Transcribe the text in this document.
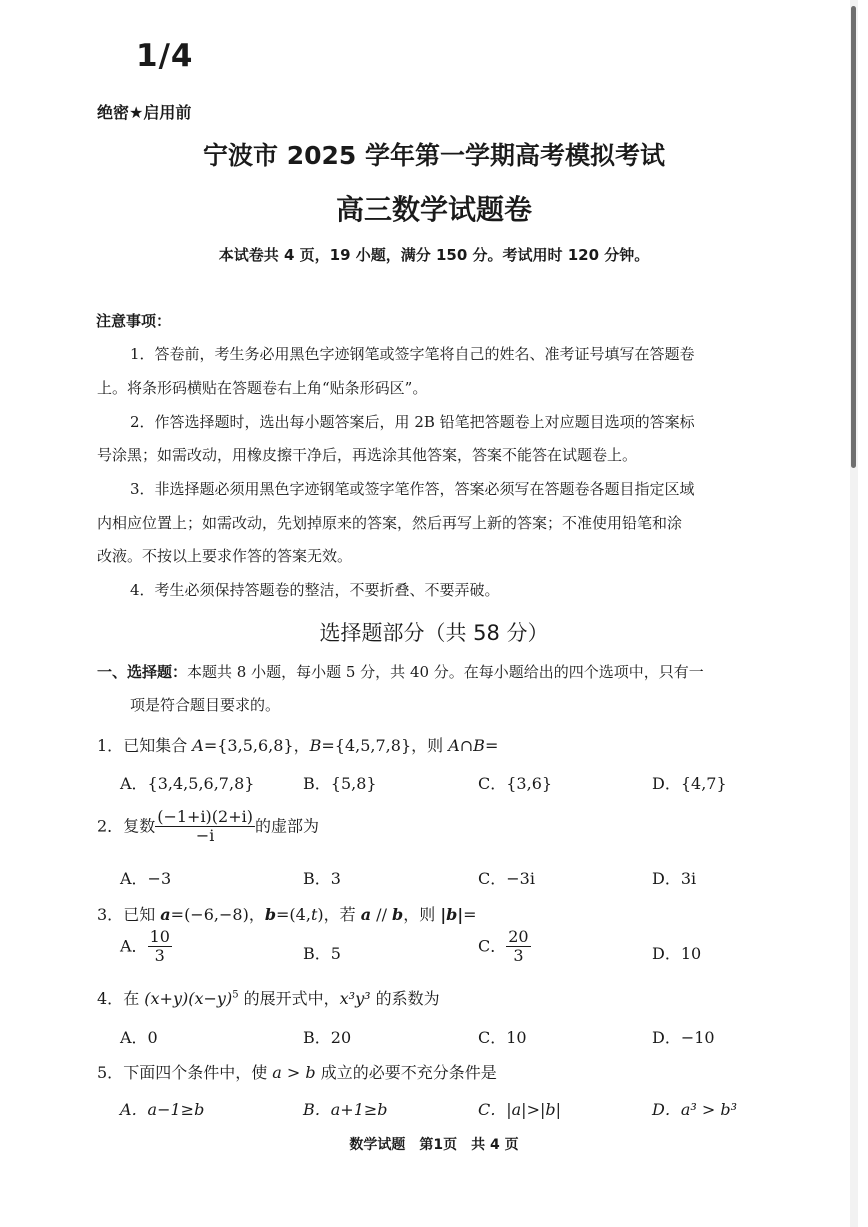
1/4
绝密★启用前
宁波市 2025 学年第一学期高考模拟考试
高三数学试题卷
本试卷共 4 页，19 小题，满分 150 分。考试用时 120 分钟。
注意事项：
1．答卷前，考生务必用黑色字迹钢笔或签字笔将自己的姓名、准考证号填写在答题卷
上。将条形码横贴在答题卷右上角“贴条形码区”。
2．作答选择题时，选出每小题答案后，用 2B 铅笔把答题卷上对应题目选项的答案标
号涂黑；如需改动，用橡皮擦干净后，再选涂其他答案，答案不能答在试题卷上。
3．非选择题必须用黑色字迹钢笔或签字笔作答，答案必须写在答题卷各题目指定区域
内相应位置上；如需改动，先划掉原来的答案，然后再写上新的答案；不准使用铅笔和涂
改液。不按以上要求作答的答案无效。
4．考生必须保持答题卷的整洁，不要折叠、不要弄破。
选择题部分（共 58 分）
一、选择题：本题共 8 小题，每小题 5 分，共 40 分。在每小题给出的四个选项中，只有一
项是符合题目要求的。
1．已知集合 A={3,5,6,8}，B={4,5,7,8}，则 A∩B=
A．{3,4,5,6,7,8}	B．{5,8}	C．{3,6}	D．{4,7}
2．复数 $\frac{(-1+i)(2+i)}{-i}$ 的虚部为
A．−3	B．3	C．−3i	D．3i
3．已知 a=(−6,−8)，b=(4,t)，若 a // b，则 |b|=
A． $\frac{10}{3}$	B．5	C． $\frac{20}{3}$	D．10
4．在 $(x+y)(x-y)^5$ 的展开式中，x³y³ 的系数为
A．0	B．20	C．10	D．−10
5．下面四个条件中，使 a > b 成立的必要不充分条件是
A．a−1≥b	B．a+1≥b	C．|a|>|b|	D．a³ > b³
数学试题　第1页　共 4 页
